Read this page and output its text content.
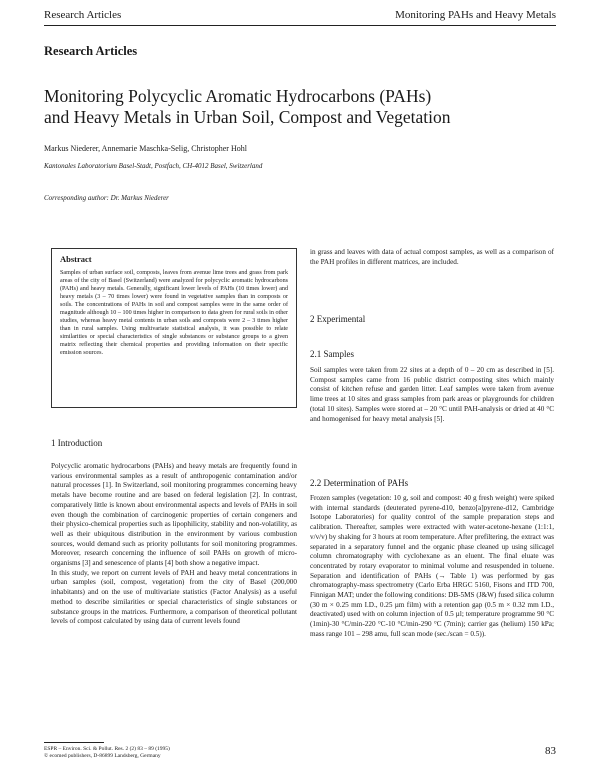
Research Articles	Monitoring PAHs and Heavy Metals
Research Articles
Monitoring Polycyclic Aromatic Hydrocarbons (PAHs)
and Heavy Metals in Urban Soil, Compost and Vegetation
Markus Niederer, Annemarie Maschka-Selig, Christopher Hohl
Kantonales Laboratorium Basel-Stadt, Postfach, CH-4012 Basel, Switzerland
Corresponding author: Dr. Markus Niederer
Abstract
Samples of urban surface soil, composts, leaves from avenue lime trees and grass from park areas of the city of Basel (Switzerland) were analyzed for polycyclic aromatic hydrocarbons (PAHs) and heavy metals. Generally, significant lower levels of PAHs (10 times lower) and heavy metals (3 – 70 times lower) were found in vegetative samples than in composts or soils. The concentrations of PAHs in soil and compost samples were in the same order of magnitude although 10 – 100 times higher in comparison to data given for rural soils in other studies, whereas heavy metal contents in urban soils and composts were 2 – 3 times higher than in rural samples. Using multivariate statistical analysis, it was possible to relate similarities or special characteristics of single substances or substance groups to a given matrix reflecting their chemical properties and providing information on their specific emission sources.
1 Introduction

Polycyclic aromatic hydrocarbons (PAHs) and heavy metals are frequently found in various environmental samples as a result of anthropogenic contamination and/or natural processes [1]. In Switzerland, soil monitoring programmes concerning heavy metals have become routine and are based on federal legislation [2]. In contrast, comparatively little is known about environmental aspects and levels of PAHs in soil even though the combination of carcinogenic properties of certain congeners and their physico-chemical properties such as lipophilicity, stability and non-volatility, as well as their ubiquitous distribution in the environment by various combustion sources, would demand such as priority pollutants for soil monitoring programmes. Moreover, research concerning the influence of soil PAHs on growth of micro-organisms [3] and senescence of plants [4] both show a negative impact.

In this study, we report on current levels of PAH and heavy metal concentrations in urban samples (soil, compost, vegetation) from the city of Basel (200,000 inhabitants) and on the use of multivariate statistics (Factor Analysis) as a useful method to describe similarities or special characteristics of single substances or substance groups in the matrices. Furthermore, a comparison of theoretical pollutant levels of compost calculated by using data of current levels found

in grass and leaves with data of actual compost samples, as well as a comparison of the PAH profiles in different matrices, are included.
2 Experimental
2.1 Samples
Soil samples were taken from 22 sites at a depth of 0 – 20 cm as described in [5]. Compost samples came from 16 public district composting sites which mainly consist of kitchen refuse and garden litter. Leaf samples were taken from avenue lime trees at 10 sites and grass samples from park areas or playgrounds for children (total 10 sites). Samples were stored at – 20 °C until PAH-analysis or dried at 40 °C and homogenised for heavy metal analysis [5].
2.2 Determination of PAHs
Frozen samples (vegetation: 10 g, soil and compost: 40 g fresh weight) were spiked with internal standards (deuterated pyrene-d10, benzo[a]pyrene-d12, Cambridge Isotope Laboratories) for quality control of the sample preparation steps and calibration. Thereafter, samples were extracted with water-acetone-hexane (1:1:1, v/v/v) by shaking for 3 hours at room temperature. After prefiltering, the extract was separated in a separatory funnel and the organic phase cleaned up using silicagel column chromatography with cyclohexane as an eluent. The final eluate was concentrated by rotary evaporator to minimal volume and resuspended in toluene. Separation and identification of PAHs (→ Table 1) was performed by gas chromatography-mass spectrometry (Carlo Erba HRGC 5160, Fisons and ITD 700, Finnigan MAT; under the following conditions: DB-5MS (J&W) fused silica column (30 m × 0.25 mm I.D., 0.25 µm film) with a retention gap (0.5 m × 0.32 mm I.D., deactivated) used with on column injection of 0.5 µl; temperature programme 90 °C (1min)-30 °C/min-220 °C-10 °C/min-290 °C (7min); carrier gas (helium) 150 kPa; mass range 101 – 298 amu, full scan mode (sec./scan = 0.5)).
ESPR – Environ. Sci. & Pollut. Res. 2 (2) 83 – 89 (1995)
© ecomed publishers, D-86899 Landsberg, Germany	83
